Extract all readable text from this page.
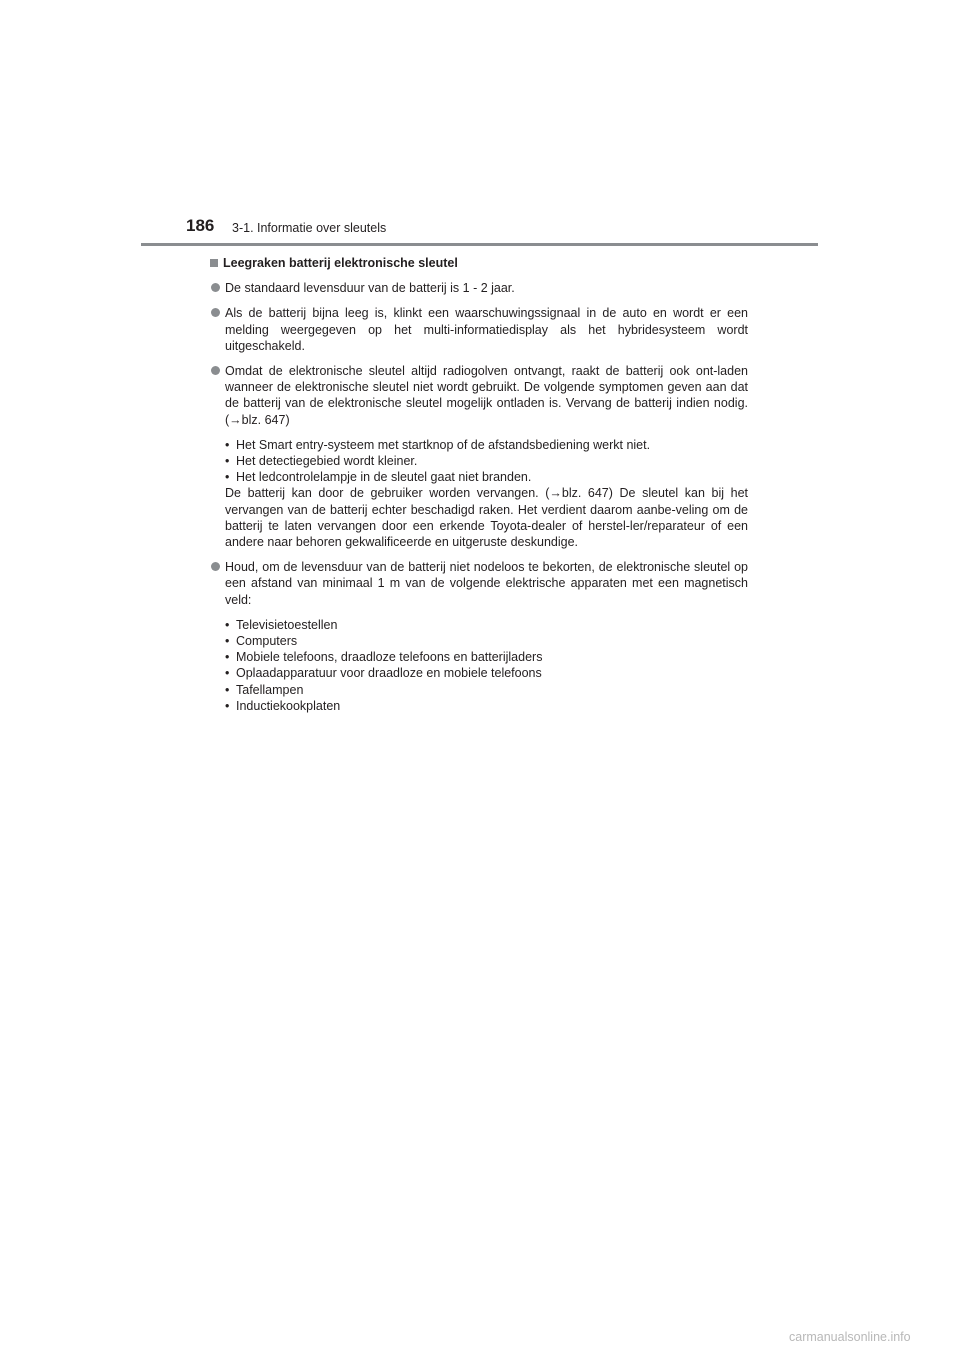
186 3-1. Informatie over sleutels
Leegraken batterij elektronische sleutel
De standaard levensduur van de batterij is 1 - 2 jaar.
Als de batterij bijna leeg is, klinkt een waarschuwingssignaal in de auto en wordt er een melding weergegeven op het multi-informatiedisplay als het hybridesysteem wordt uitgeschakeld.
Omdat de elektronische sleutel altijd radiogolven ontvangt, raakt de batterij ook ont-laden wanneer de elektronische sleutel niet wordt gebruikt. De volgende symptomen geven aan dat de batterij van de elektronische sleutel mogelijk ontladen is. Vervang de batterij indien nodig. (→blz. 647)
• Het Smart entry-systeem met startknop of de afstandsbediening werkt niet.
• Het detectiegebied wordt kleiner.
• Het ledcontrolelampje in de sleutel gaat niet branden.
De batterij kan door de gebruiker worden vervangen. (→blz. 647) De sleutel kan bij het vervangen van de batterij echter beschadigd raken. Het verdient daarom aanbe-veling om de batterij te laten vervangen door een erkende Toyota-dealer of herstel-ler/reparateur of een andere naar behoren gekwalificeerde en uitgeruste deskundige.
Houd, om de levensduur van de batterij niet nodeloos te bekorten, de elektronische sleutel op een afstand van minimaal 1 m van de volgende elektrische apparaten met een magnetisch veld:
• Televisietoestellen
• Computers
• Mobiele telefoons, draadloze telefoons en batterijladers
• Oplaadapparatuur voor draadloze en mobiele telefoons
• Tafellampen
• Inductiekookplaten
carmanualsonline.info
